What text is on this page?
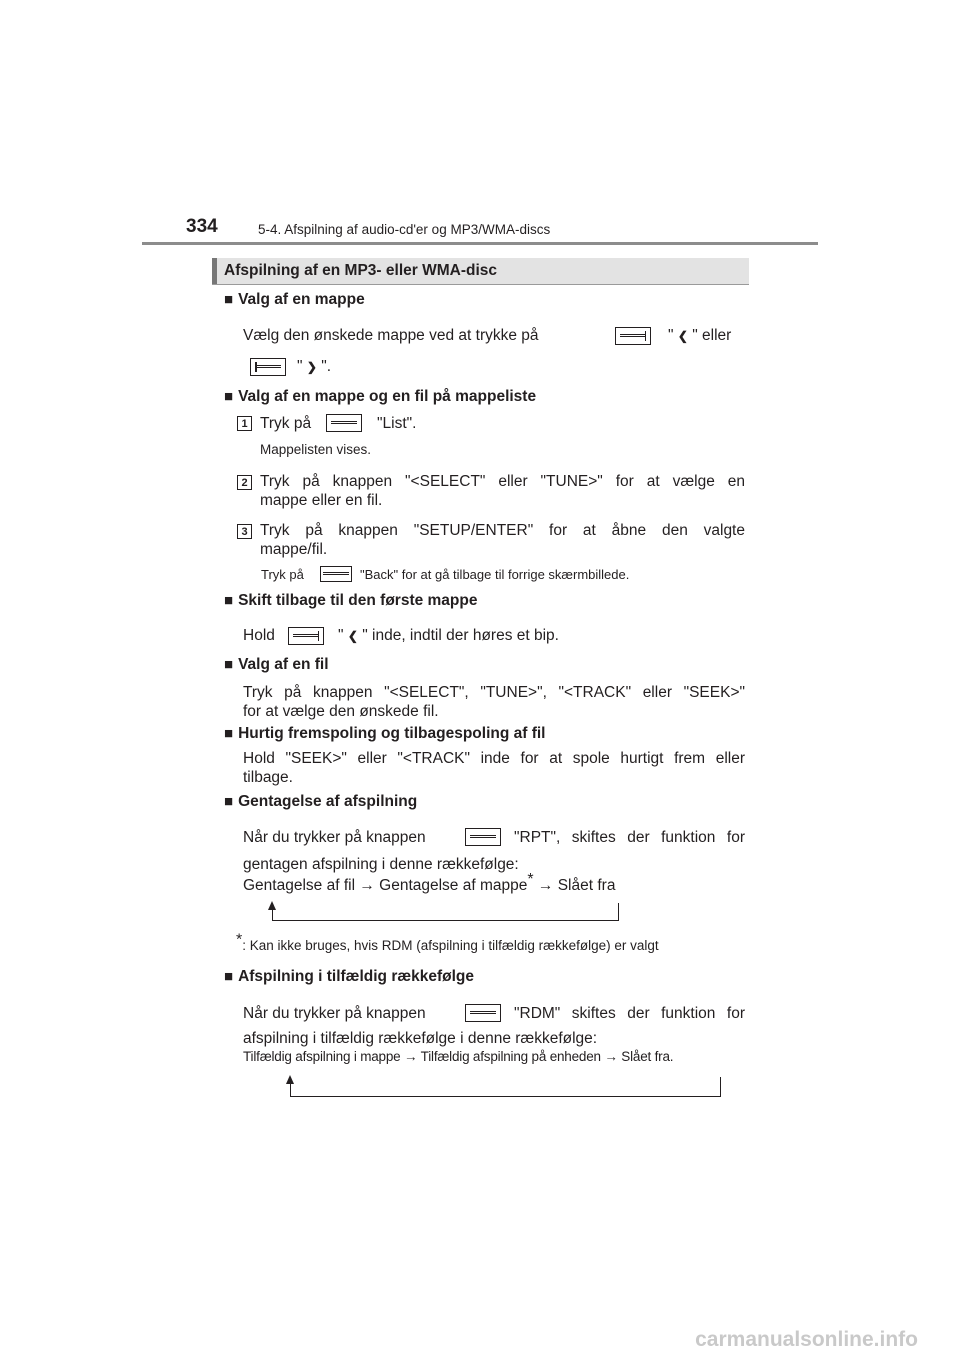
334	5-4. Afspilning af audio-cd'er og MP3/WMA-discs
Afspilning af en MP3- eller WMA-disc
■ Valg af en mappe
Vælg den ønskede mappe ved at trykke på	" ❮ " eller
" ❯ ".
■ Valg af en mappe og en fil på mappeliste
1 Tryk på	"List".
Mappelisten vises.
2 Tryk på knappen "<SELECT" eller "TUNE>" for at vælge en
mappe eller en fil.
3 Tryk på knappen "SETUP/ENTER" for at åbne den valgte
mappe/fil.
Tryk på	"Back" for at gå tilbage til forrige skærmbillede.
■ Skift tilbage til den første mappe
Hold	" ❮ " inde, indtil der høres et bip.
■ Valg af en fil
Tryk på knappen "<SELECT", "TUNE>", "<TRACK" eller "SEEK>"
for at vælge den ønskede fil.
■ Hurtig fremspoling og tilbagespoling af fil
Hold "SEEK>" eller "<TRACK" inde for at spole hurtigt frem eller
tilbage.
■ Gentagelse af afspilning
Når du trykker på knappen	"RPT", skiftes der funktion for
gentagen afspilning i denne rækkefølge:
Gentagelse af fil → Gentagelse af mappe* → Slået fra
*: Kan ikke bruges, hvis RDM (afspilning i tilfældig rækkefølge) er valgt
■ Afspilning i tilfældig rækkefølge
Når du trykker på knappen	"RDM" skiftes der funktion for
afspilning i tilfældig rækkefølge i denne rækkefølge:
Tilfældig afspilning i mappe → Tilfældig afspilning på enheden → Slået fra.
carmanualsonline.info
